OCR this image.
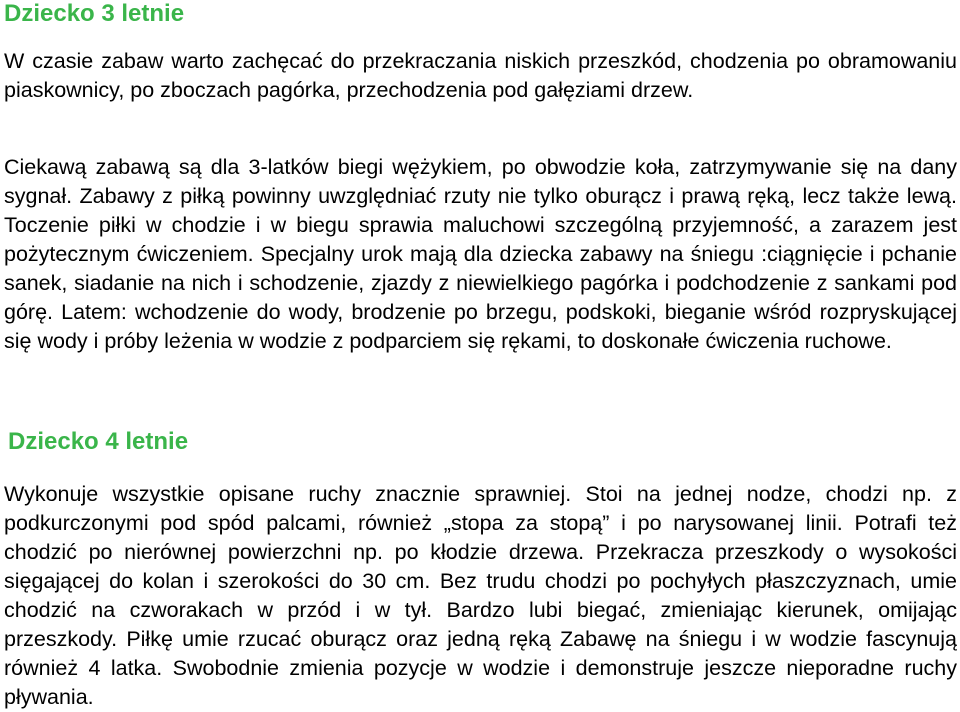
Dziecko 3 letnie

W czasie zabaw warto zachęcać do przekraczania niskich przeszkód, chodzenia po obramowaniu piaskownicy, po zboczach pagórka, przechodzenia pod gałęziami drzew.

Ciekawą zabawą są dla 3-latków biegi wężykiem, po obwodzie koła, zatrzymywanie się na dany sygnał. Zabawy z piłką powinny uwzględniać rzuty nie tylko oburącz i prawą ręką, lecz także lewą. Toczenie piłki w chodzie i w biegu sprawia maluchowi szczególną przyjemność, a zarazem jest pożytecznym ćwiczeniem. Specjalny urok mają dla dziecka zabawy na śniegu :ciągnięcie i pchanie sanek, siadanie na nich i schodzenie, zjazdy z niewielkiego pagórka i podchodzenie z sankami pod górę. Latem: wchodzenie do wody, brodzenie po brzegu, podskoki, bieganie wśród rozpryskującej się wody i próby leżenia w wodzie z podparciem się rękami, to doskonałe ćwiczenia ruchowe.

Dziecko 4 letnie

Wykonuje wszystkie opisane ruchy znacznie sprawniej. Stoi na jednej nodze, chodzi np. z podkurczonymi pod spód palcami, również „stopa za stopą” i po narysowanej linii. Potrafi też chodzić po nierównej powierzchni np. po kłodzie drzewa. Przekracza przeszkody o wysokości sięgającej do kolan i szerokości do 30 cm. Bez trudu chodzi po pochyłych płaszczyznach, umie chodzić na czworakach w przód i w tył. Bardzo lubi biegać, zmieniając kierunek, omijając przeszkody. Piłkę umie rzucać oburącz oraz jedną ręką Zabawę na śniegu i w wodzie fascynują również 4 latka. Swobodnie zmienia pozycje w wodzie i demonstruje jeszcze nieporadne ruchy pływania.
